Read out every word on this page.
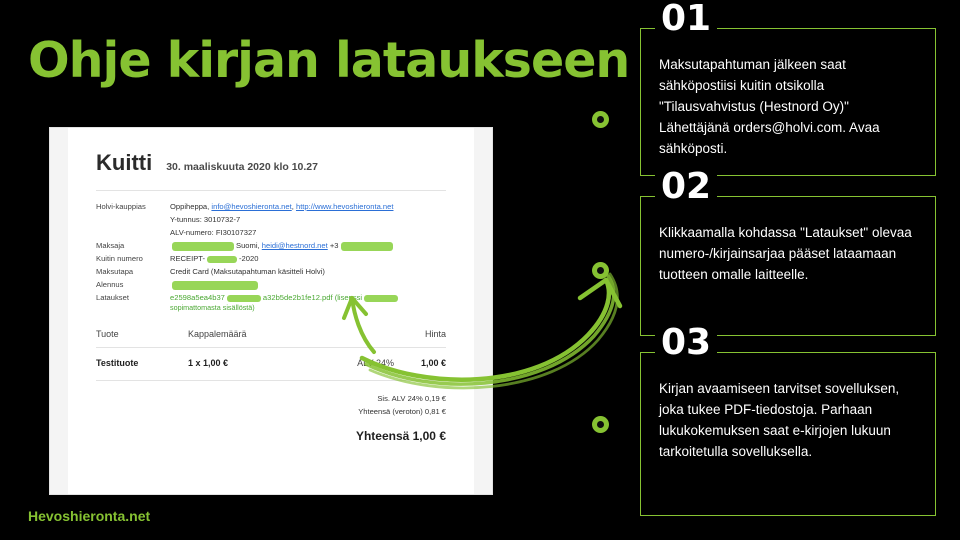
Ohje kirjan lataukseen
Kuitti 30. maaliskuuta 2020 klo 10.27
Holvi-kauppias	Oppiheppa, info@hevoshieronta.net, http://www.hevoshieronta.net
Y-tunnus: 3010732-7
ALV-numero: FI30107327
Maksaja	Suomi, heidi@hestnord.net +3
Kuitin numero	RECEIPT-	-2020
Maksutapa	Credit Card (Maksutapahtuman käsitteli Holvi)
Alennus
Lataukset	e2598a5ea4b37	a32b5de2b1fe12.pdf (lisenssi
sopimattomasta sisällöstä)
Tuote	Kappalemäärä	Hinta
Testituote	1 x 1,00 €	ALV 24%	1,00 €
Sis. ALV 24% 0,19 €
Yhteensä (veroton) 0,81 €
Yhteensä 1,00 €
01

Maksutapahtuman jälkeen saat sähköpostiisi kuitin otsikolla "Tilausvahvistus (Hestnord Oy)" Lähettäjänä orders@holvi.com. Avaa sähköposti.

02

Klikkaamalla kohdassa "Lataukset" olevaa numero-/kirjainsarjaa pääset lataamaan tuotteen omalle laitteelle.

03

Kirjan avaamiseen tarvitset sovelluksen, joka tukee PDF-tiedostoja. Parhaan lukukokemuksen saat e-kirjojen lukuun tarkoitetulla sovelluksella.

Hevoshieronta.net
